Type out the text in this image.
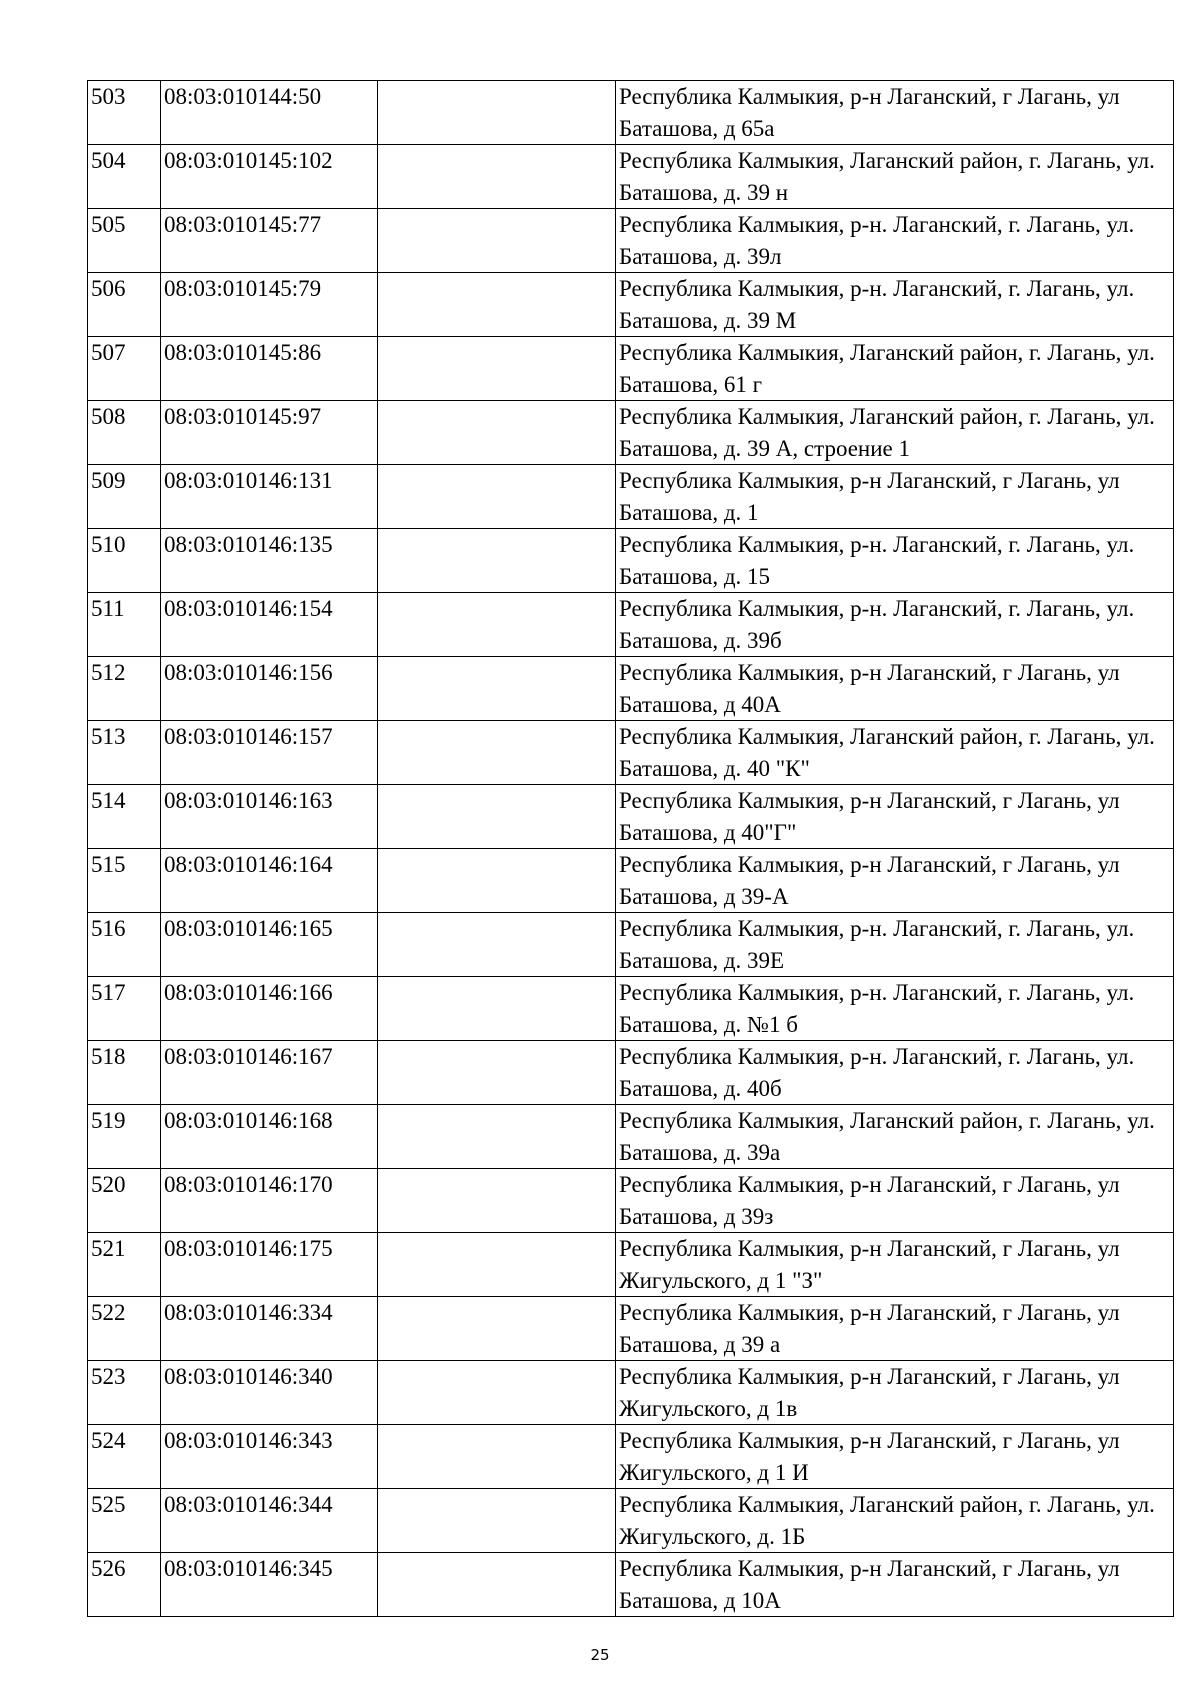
503	08:03:010144:50		Республика Калмыкия, р-н Лаганский, г Лагань, ул Баташова, д 65а
504	08:03:010145:102		Республика Калмыкия, Лаганский район, г. Лагань, ул. Баташова, д. 39 н
505	08:03:010145:77		Республика Калмыкия, р-н. Лаганский, г. Лагань, ул. Баташова, д. 39л
506	08:03:010145:79		Республика Калмыкия, р-н. Лаганский, г. Лагань, ул. Баташова, д. 39 М
507	08:03:010145:86		Республика Калмыкия, Лаганский район, г. Лагань, ул. Баташова, 61 г
508	08:03:010145:97		Республика Калмыкия, Лаганский район, г. Лагань, ул. Баташова, д. 39 А, строение 1
509	08:03:010146:131		Республика Калмыкия, р-н Лаганский, г Лагань, ул Баташова, д. 1
510	08:03:010146:135		Республика Калмыкия, р-н. Лаганский, г. Лагань, ул. Баташова, д. 15
511	08:03:010146:154		Республика Калмыкия, р-н. Лаганский, г. Лагань, ул. Баташова, д. 39б
512	08:03:010146:156		Республика Калмыкия, р-н Лаганский, г Лагань, ул Баташова, д 40А
513	08:03:010146:157		Республика Калмыкия, Лаганский район, г. Лагань, ул. Баташова, д. 40 "К"
514	08:03:010146:163		Республика Калмыкия, р-н Лаганский, г Лагань, ул Баташова, д 40"Г"
515	08:03:010146:164		Республика Калмыкия, р-н Лаганский, г Лагань, ул Баташова, д 39-А
516	08:03:010146:165		Республика Калмыкия, р-н. Лаганский, г. Лагань, ул. Баташова, д. 39Е
517	08:03:010146:166		Республика Калмыкия, р-н. Лаганский, г. Лагань, ул. Баташова, д. №1 б
518	08:03:010146:167		Республика Калмыкия, р-н. Лаганский, г. Лагань, ул. Баташова, д. 40б
519	08:03:010146:168		Республика Калмыкия, Лаганский район, г. Лагань, ул. Баташова, д. 39а
520	08:03:010146:170		Республика Калмыкия, р-н Лаганский, г Лагань, ул Баташова, д 39з
521	08:03:010146:175		Республика Калмыкия, р-н Лаганский, г Лагань, ул Жигульского, д 1 "З"
522	08:03:010146:334		Республика Калмыкия, р-н Лаганский, г Лагань, ул Баташова, д 39 а
523	08:03:010146:340		Республика Калмыкия, р-н Лаганский, г Лагань, ул Жигульского, д 1в
524	08:03:010146:343		Республика Калмыкия, р-н Лаганский, г Лагань, ул Жигульского, д 1 И
525	08:03:010146:344		Республика Калмыкия, Лаганский район, г. Лагань, ул. Жигульского, д. 1Б
526	08:03:010146:345		Республика Калмыкия, р-н Лаганский, г Лагань, ул Баташова, д 10А
25
